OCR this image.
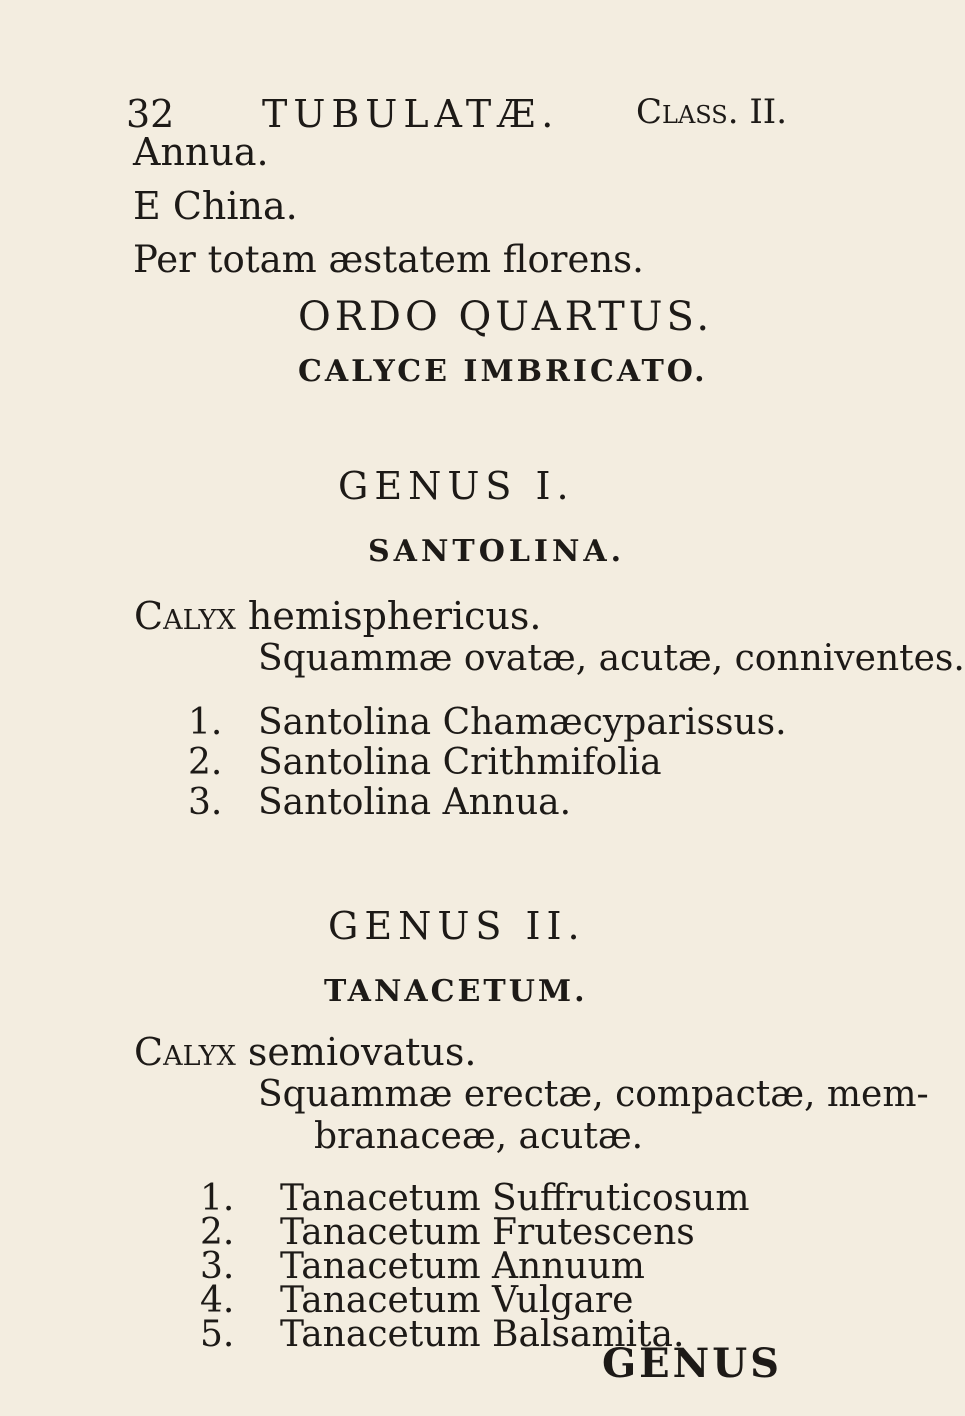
32 TUBULATÆ. Class. II.
Annua.
E China.
Per totam æstatem florens.
ORDO QUARTUS.
CALYCE IMBRICATO.
GENUS I.
SANTOLINA.
Calyx hemisphericus.
Squammæ ovatæ, acutæ, conniventes.
1. Santolina Chamæcyparissus.
2. Santolina Crithmifolia
3. Santolina Annua.
GENUS II.
TANACETUM.
Calyx semiovatus.
Squammæ erectæ, compactæ, mem-
branaceæ, acutæ.
1. Tanacetum Suffruticosum
2. Tanacetum Frutescens
3. Tanacetum Annuum
4. Tanacetum Vulgare
5. Tanacetum Balsamita.
GENUS
